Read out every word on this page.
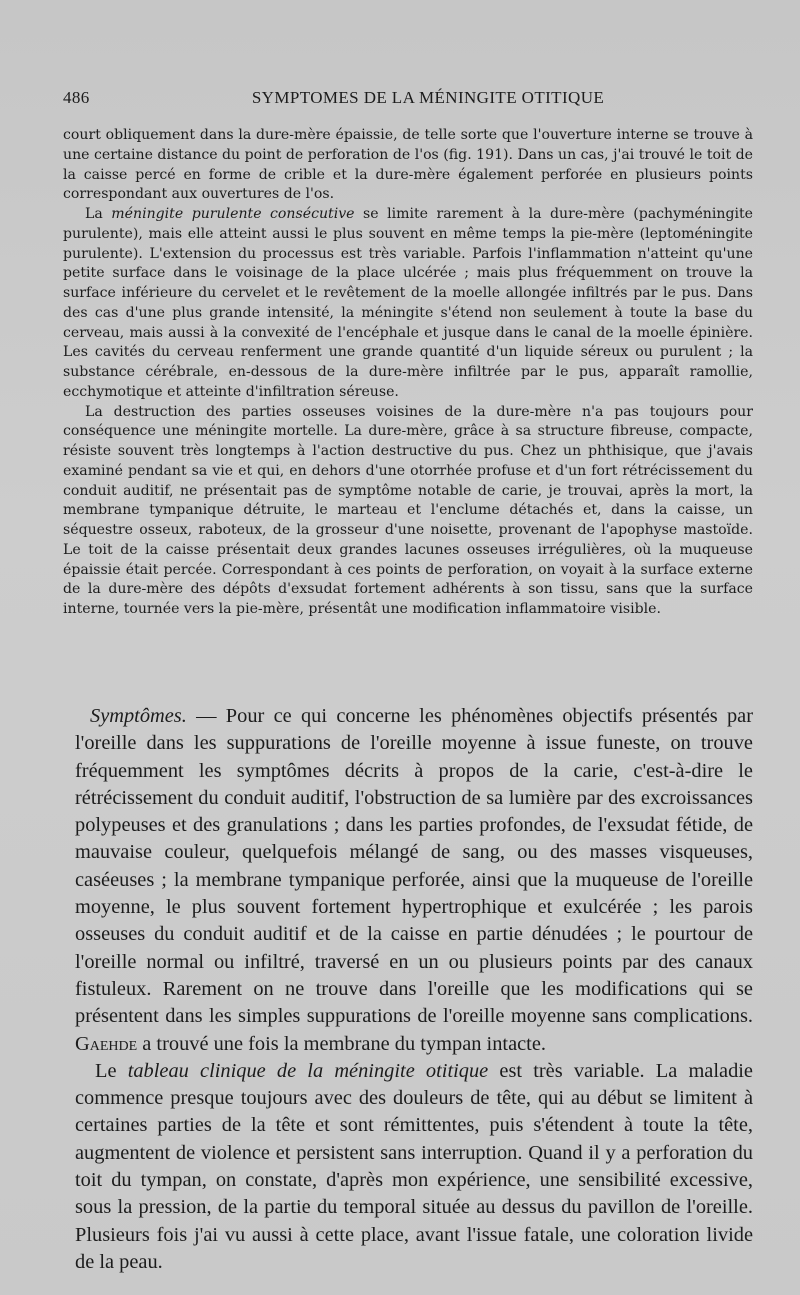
486	SYMPTOMES DE LA MÉNINGITE OTITIQUE

court obliquement dans la dure-mère épaissie, de telle sorte que l'ouverture interne se trouve à une certaine distance du point de perforation de l'os (fig. 191). Dans un cas, j'ai trouvé le toit de la caisse percé en forme de crible et la dure-mère également perforée en plusieurs points correspondant aux ouvertures de l'os.

La méningite purulente consécutive se limite rarement à la dure-mère (pachyméningite purulente), mais elle atteint aussi le plus souvent en même temps la pie-mère (leptoméningite purulente). L'extension du processus est très variable. Parfois l'inflammation n'atteint qu'une petite surface dans le voisinage de la place ulcérée ; mais plus fréquemment on trouve la surface inférieure du cervelet et le revêtement de la moelle allongée infiltrés par le pus. Dans des cas d'une plus grande intensité, la méningite s'étend non seulement à toute la base du cerveau, mais aussi à la convexité de l'encéphale et jusque dans le canal de la moelle épinière. Les cavités du cerveau renferment une grande quantité d'un liquide séreux ou purulent ; la substance cérébrale, en-dessous de la dure-mère infiltrée par le pus, apparaît ramollie, ecchymotique et atteinte d'infiltration séreuse.

La destruction des parties osseuses voisines de la dure-mère n'a pas toujours pour conséquence une méningite mortelle. La dure-mère, grâce à sa structure fibreuse, compacte, résiste souvent très longtemps à l'action destructive du pus. Chez un phthisique, que j'avais examiné pendant sa vie et qui, en dehors d'une otorrhée profuse et d'un fort rétrécissement du conduit auditif, ne présentait pas de symptôme notable de carie, je trouvai, après la mort, la membrane tympanique détruite, le marteau et l'enclume détachés et, dans la caisse, un séquestre osseux, raboteux, de la grosseur d'une noisette, provenant de l'apophyse mastoïde. Le toit de la caisse présentait deux grandes lacunes osseuses irrégulières, où la muqueuse épaissie était percée. Correspondant à ces points de perforation, on voyait à la surface externe de la dure-mère des dépôts d'exsudat fortement adhérents à son tissu, sans que la surface interne, tournée vers la pie-mère, présentât une modification inflammatoire visible.

Symptômes. — Pour ce qui concerne les phénomènes objectifs présentés par l'oreille dans les suppurations de l'oreille moyenne à issue funeste, on trouve fréquemment les symptômes décrits à propos de la carie, c'est-à-dire le rétrécissement du conduit auditif, l'obstruction de sa lumière par des excroissances polypeuses et des granulations ; dans les parties profondes, de l'exsudat fétide, de mauvaise couleur, quelquefois mélangé de sang, ou des masses visqueuses, caséeuses ; la membrane tympanique perforée, ainsi que la muqueuse de l'oreille moyenne, le plus souvent fortement hypertrophique et exulcérée ; les parois osseuses du conduit auditif et de la caisse en partie dénudées ; le pourtour de l'oreille normal ou infiltré, traversé en un ou plusieurs points par des canaux fistuleux. Rarement on ne trouve dans l'oreille que les modifications qui se présentent dans les simples suppurations de l'oreille moyenne sans complications. Gaehde a trouvé une fois la membrane du tympan intacte.

Le tableau clinique de la méningite otitique est très variable. La maladie commence presque toujours avec des douleurs de tête, qui au début se limitent à certaines parties de la tête et sont rémittentes, puis s'étendent à toute la tête, augmentent de violence et persistent sans interruption. Quand il y a perforation du toit du tympan, on constate, d'après mon expérience, une sensibilité excessive, sous la pression, de la partie du temporal située au dessus du pavillon de l'oreille. Plusieurs fois j'ai vu aussi à cette place, avant l'issue fatale, une coloration livide de la peau.
